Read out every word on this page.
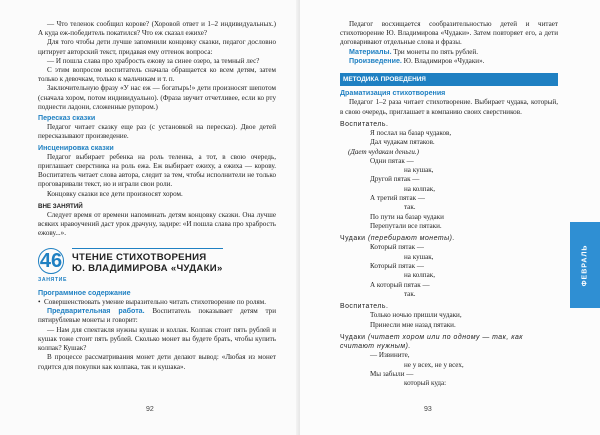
— Что теленок сообщил корове? (Хоровой ответ и 1–2 индивидуальных.) А куда еж-победитель покатился? Что еж сказал ежихе?

Для того чтобы дети лучше запомнили концовку сказки, педагог дословно цитирует авторский текст, придавая ему оттенок вопроса:

— И пошла слава про храбрость ежову за синее озеро, за темный лес?

С этим вопросом воспитатель сначала обращается ко всем детям, затем только к девочкам, только к мальчикам и т. п.

Заключительную фразу «У нас еж — богатырь!» дети произносят шепотом (сначала хором, потом индивидуально). (Фраза звучит отчетливее, если ко рту поднести ладони, сложенные рупором.)

Пересказ сказки

Педагог читает сказку еще раз (с установкой на пересказ). Двое детей пересказывают произведение.

Инсценировка сказки

Педагог выбирает ребенка на роль теленка, а тот, в свою очередь, приглашает сверстника на роль ежа. Еж выбирает ежиху, а ежиха — корову. Воспитатель читает слова автора, следит за тем, чтобы исполнители не только проговаривали текст, но и играли свои роли.

Концовку сказки все дети произносят хором.

ВНЕ ЗАНЯТИЙ

Следует время от времени напоминать детям концовку сказки. Она лучше всяких нравоучений даст урок драчуну, задире: «И пошла слава про храбрость ежову...».

46
ЗАНЯТИЕ
ЧТЕНИЕ СТИХОТВОРЕНИЯ
Ю. ВЛАДИМИРОВА «ЧУДАКИ»
Программное содержание

• Совершенствовать умение выразительно читать стихотворение по ролям.

Предварительная работа. Воспитатель показывает детям три пятирублевые монеты и говорит:

— Нам для спектакля нужны кушак и коллак. Колпак стоит пять рублей и кушак тоже стоит пять рублей. Сколько монет вы будете брать, чтобы купить колпак? Кушак?

В процессе рассматривания монет дети делают вывод: «Любая из монет годится для покупки как колпака, так и кушака».

92

Педагог восхищается сообразительностью детей и читает стихотворение Ю. Владимирова «Чудаки». Затем повторяет его, а дети договаривают отдельные слова и фразы.

Материалы. Три монеты по пять рублей.

Произведение. Ю. Владимиров «Чудаки».

МЕТОДИКА ПРОВЕДЕНИЯ
Драматизация стихотворения

Педагог 1–2 раза читает стихотворение. Выбирает чудака, который, в свою очередь, приглашает в компанию своих сверстников.

Воспитатель.
Я послал на базар чудаков,
Дал чудакам пятаков.
(Дает чудакам деньги.)
Одни пятак —
на кушак,
Другой пятак —
на колпак,
А третий пятак —
так.
По пути на базар чудаки
Перепутали все пятаки.
Чудаки (перебирают монеты).
Который пятак —
на кушак,
Который пятак —
на колпак,
А который пятак —
так.
Воспитатель.
Только ночью пришли чудаки,
Принесли мне назад пятаки.
Чудаки (читает хором или по одному — так, как считают нужным).
— Извините,
не у всех, не у всех,
Мы забыли —
который куда:
ФЕВРАЛЬ
93
